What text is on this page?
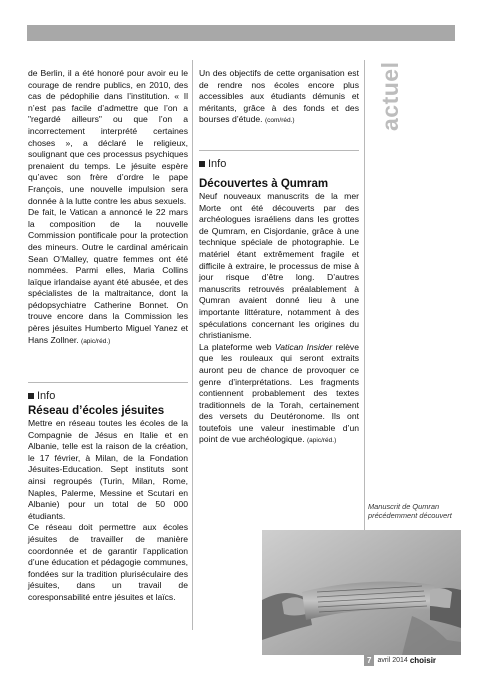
actuel

de Berlin, il a été honoré pour avoir eu le courage de rendre publics, en 2010, des cas de pédophilie dans l’institution. « Il n’est pas facile d’admettre que l’on a "regardé ailleurs" ou que l’on a incorrectement interprété certaines choses », a déclaré le religieux, soulignant que ces processus psychiques prenaient du temps. Le jésuite espère qu’avec son frère d’ordre le pape François, une nouvelle impulsion sera donnée à la lutte contre les abus sexuels.

De fait, le Vatican a annoncé le 22 mars la composition de la nouvelle Commission pontificale pour la protection des mineurs. Outre le cardinal américain Sean O’Malley, quatre femmes ont été nommées. Parmi elles, Maria Collins laïque irlandaise ayant été abusée, et des spécialistes de la maltraitance, dont la pédopsychiatre Catherine Bonnet. On trouve encore dans la Commission les pères jésuites Humberto Miguel Yanez et Hans Zollner. (apic/réd.)

Info
Réseau d’écoles jésuites

Mettre en réseau toutes les écoles de la Compagnie de Jésus en Italie et en Albanie, telle est la raison de la création, le 17 février, à Milan, de la Fondation Jésuites-Education. Sept instituts sont ainsi regroupés (Turin, Milan, Rome, Naples, Palerme, Messine et Scutari en Albanie) pour un total de 50 000 étudiants.

Ce réseau doit permettre aux écoles jésuites de travailler de manière coordonnée et de garantir l’application d’une éducation et pédagogie communes, fondées sur la tradition pluriséculaire des jésuites, dans un travail de coresponsabilité entre jésuites et laïcs.

Un des objectifs de cette organisation est de rendre nos écoles encore plus accessibles aux étudiants démunis et méritants, grâce à des fonds et des bourses d’étude. (com/réd.)

Info
Découvertes à Qumram

Neuf nouveaux manuscrits de la mer Morte ont été découverts par des archéologues israéliens dans les grottes de Qumram, en Cisjordanie, grâce à une technique spéciale de photographie. Le matériel étant extrêmement fragile et difficile à extraire, le processus de mise à jour risque d’être long. D’autres manuscrits retrouvés préalablement à Qumran avaient donné lieu à une importante littérature, notamment à des spéculations concernant les origines du christianisme.

La plateforme web Vatican Insider relève que les rouleaux qui seront extraits auront peu de chance de provoquer ce genre d’interprétations. Les fragments contiennent probablement des textes traditionnels de la Torah, certainement des versets du Deutéronome. Ils ont toutefois une valeur inestimable d’un point de vue archéologique. (apic/réd.)

Manuscrit de Qumran précédemment découvert
7 avril 2014 choisir
